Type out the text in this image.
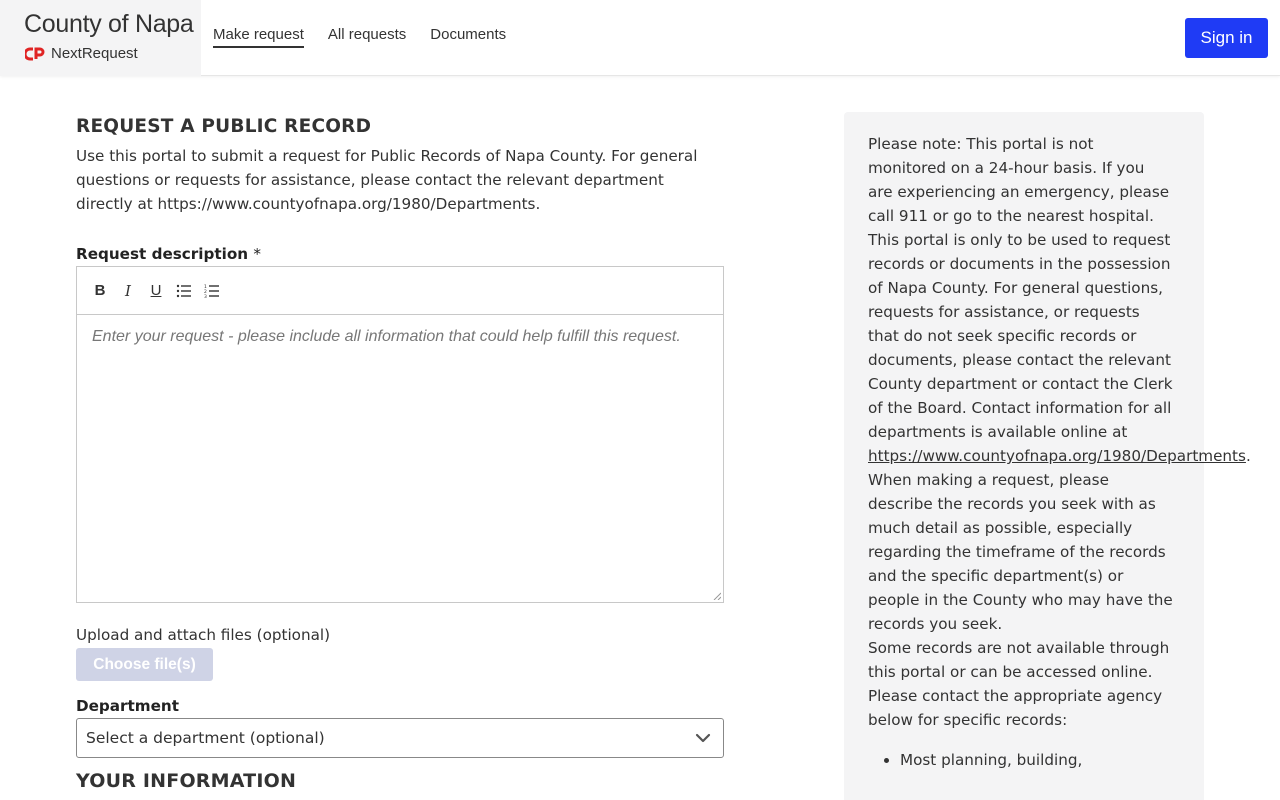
County of Napa
NextRequest
Make request All requests Documents	Sign in
REQUEST A PUBLIC RECORD
Use this portal to submit a request for Public Records of Napa County. For general questions or requests for assistance, please contact the relevant department directly at https://www.countyofnapa.org/1980/Departments.
Request description *
B	I	U	1
2
3
Enter your request - please include all information that could help fulfill this request.
Upload and attach files (optional)
Choose file(s)
Department
Select a department (optional)
YOUR INFORMATION

Please note: This portal is not monitored on a 24-hour basis. If you are experiencing an emergency, please call 911 or go to the nearest hospital.

This portal is only to be used to request records or documents in the possession of Napa County. For general questions, requests for assistance, or requests that do not seek specific records or documents, please contact the relevant County department or contact the Clerk of the Board. Contact information for all departments is available online at https://www.countyofnapa.org/1980/Departments.

When making a request, please describe the records you seek with as much detail as possible, especially regarding the timeframe of the records and the specific department(s) or people in the County who may have the records you seek.

Some records are not available through this portal or can be accessed online. Please contact the appropriate agency below for specific records:

• Most planning, building,
